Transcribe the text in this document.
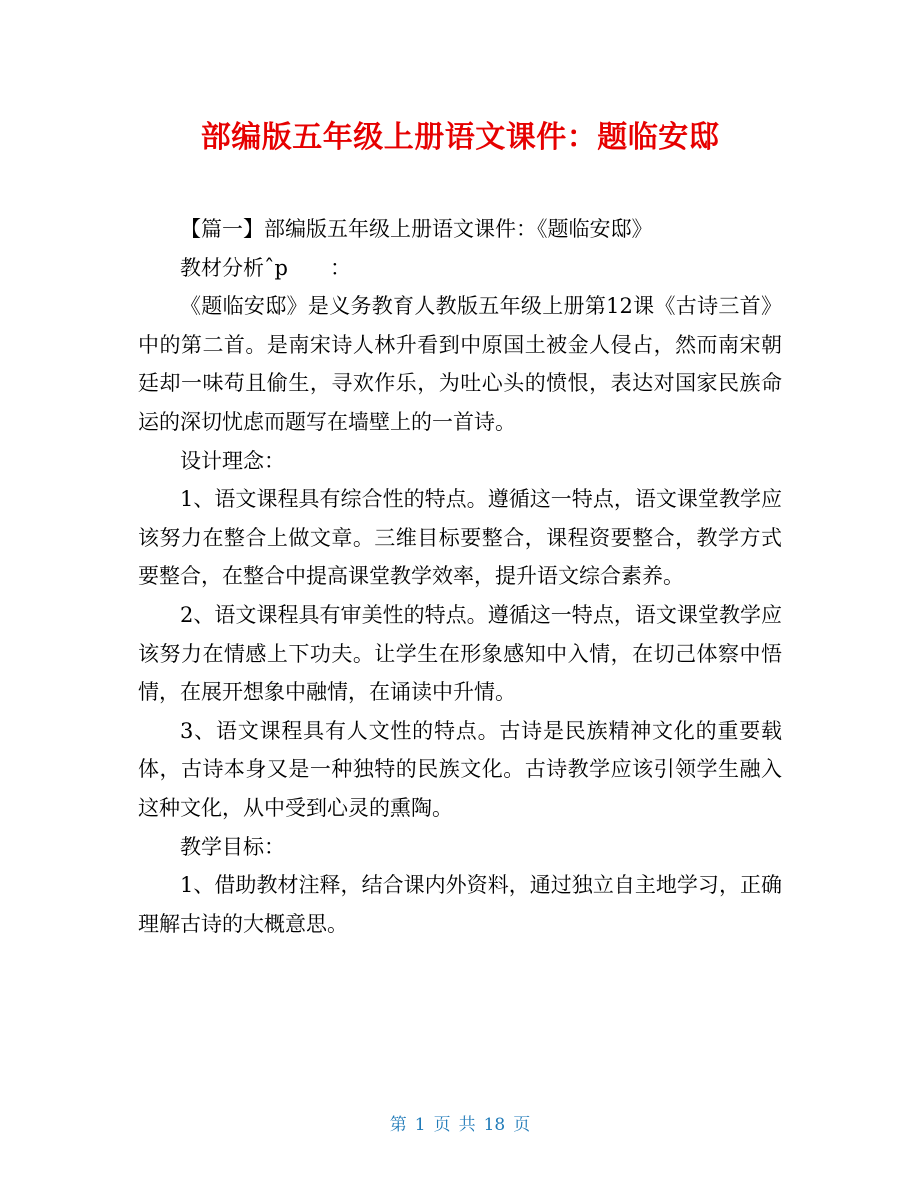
部编版五年级上册语文课件：题临安邸

【篇一】部编版五年级上册语文课件：《题临安邸》

教材分析ˆp　　：

《题临安邸》是义务教育人教版五年级上册第12课《古诗三首》中的第二首。是南宋诗人林升看到中原国土被金人侵占，然而南宋朝廷却一味苟且偷生，寻欢作乐，为吐心头的愤恨，表达对国家民族命运的深切忧虑而题写在墙壁上的一首诗。

设计理念：

1、语文课程具有综合性的特点。遵循这一特点，语文课堂教学应该努力在整合上做文章。三维目标要整合，课程资要整合，教学方式要整合，在整合中提高课堂教学效率，提升语文综合素养。

2、语文课程具有审美性的特点。遵循这一特点，语文课堂教学应该努力在情感上下功夫。让学生在形象感知中入情，在切己体察中悟情，在展开想象中融情，在诵读中升情。

3、语文课程具有人文性的特点。古诗是民族精神文化的重要载体，古诗本身又是一种独特的民族文化。古诗教学应该引领学生融入这种文化，从中受到心灵的熏陶。

教学目标：

1、借助教材注释，结合课内外资料，通过独立自主地学习，正确理解古诗的大概意思。

第 1 页 共 18 页
